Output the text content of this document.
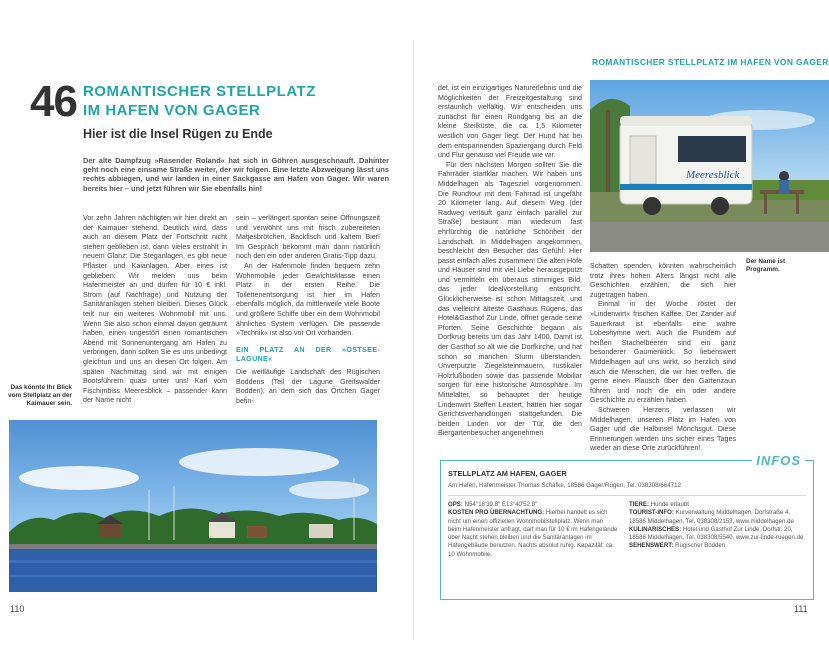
46 ROMANTISCHER STELLPLATZ
IM HAFEN VON GAGER
Hier ist die Insel Rügen zu Ende
Der alte Dampfzug »Rasender Roland« hat sich in Göhren ausgeschnauft. Dahinter geht noch eine einsame Straße weiter, der wir folgen. Eine letzte Abzweigung lässt uns rechts abbiegen, und wir landen in einer Sackgasse am Hafen von Gager. Wir waren bereits hier – und jetzt führen wir Sie ebenfalls hin!

Vor zehn Jahren nächtigten wir hier direkt an der Kaimauer stehend. Deutlich wird, dass auch an diesem Platz der Fortschritt nicht stehen geblieben ist, dann vieles erstrahlt in neuem Glanz: Die Steganlagen, es gibt neue Pflaster und Kaianlagen. Aber eines ist geblieben: Wir melden uns beim Hafenmeister an und dürfen für 10 € inkl. Strom (auf Nachfrage) und Nutzung der Sanitäranlagen stehen bleiben. Dieses Glück teilt nur ein weiteres Wohnmobil mit uns. Wenn Sie also schon einmal davon geträumt haben, einen ungestört einen romantischen Abend mit Sonnenuntergang am Hafen zu verbringen, dann sollten Sie es uns unbedingt gleichtun und uns an diesen Ort folgen. Am späten Nachmittag sind wir mit einigen Bootsführern quasi unter uns! Karl vom Fischimbiss Meeresblick – passender kann der Name nicht

sein – verlängert spontan seine Öffnungszeit und verwöhnt uns mit frisch zubereiteten Matjesbrötchen, Backfisch und kaltem Bier! Im Gespräch bekommt man dann natürlich noch den ein oder anderen Gratis-Tipp dazu.

An der Hafenmole finden bequem zehn Wohnmobile jeder Gewichtsklasse einen Platz in der ersten Reihe. Die Toilettenentsorgung ist hier im Hafen ebenfalls möglich, da mittlerweile viele Boote und größere Schiffe über ein dem Wohnmobil ähnliches System verfügen. Die passende »Technik« ist also vor Ort vorhanden.

EIN PLATZ AN DER »OSTSEE-LAGUNE«

Die weitläufige Landschaft des Rügischen Boddens (Teil der Lagune Greifswalder Bodden), an dem sich das Örtchen Gager befin-

Das könnte Ihr Blick vom Stellplatz an der Kaimauer sein.
110
ROMANTISCHER STELLPLATZ IM HAFEN VON GAGER

det, ist ein einzigartiges Naturerlebnis und die Möglichkeiten der Freizeitgestaltung sind erstaunlich vielfältig. Wir entscheiden uns zunächst für einen Rundgang bis an die kleine Steilküste, die ca. 1,5 Kilometer westlich von Gager liegt. Der Hund hat bei dem entspannenden Spaziergang durch Feld und Flur genauso viel Freude wie wir.

Für den nächsten Morgen sollten Sie die Fahrräder startklar machen. Wir haben uns Middelhagen als Tagesziel vorgenommen. Die Rundtour mit dem Fahrrad ist ungefähr 20 Kilometer lang. Auf diesem Weg (der Radweg verläuft ganz einfach parallel zur Straße) bestaunt man wiederum fast ehrfürchtig die natürliche Schönheit der Landschaft. In Middelhagen angekommen, beschleicht den Besucher das Gefühl: Hier passt einfach alles zusammen! Die alten Höfe und Häuser sind mit viel Liebe herausgeputzt und vermitteln ein überaus stimmiges Bild, das jeder Idealvorstellung entspricht. Glücklicherweise ist schon Mittagszeit, und das vielleicht älteste Gasthaus Rügens, das Hotel&Gasthof Zur Linde, öffnet gerade seine Pforten. Seine Geschichte begann als Dorfkrug bereits um das Jahr 1400. Damit ist der Gasthof so alt wie die Dorfkirche, und hat schon so manchen Sturm überstanden. Unverputzte Ziegelsteinmauern, rustikaler Holzfußboden sowie das passende Mobiliar sorgen für eine historische Atmosphäre. Im Mittelalter, so behauptet der heutige Lindenwirt Steffen Leistert, hätten hier sogar Gerichtsverhandlungen stattgefunden. Die beiden Linden vor der Tür, die den Biergartenbesucher angenehmen

Meeresblick
Der Name ist Programm.

Schatten spenden, könnten wahrscheinlich trotz ihres hohen Alters längst nicht alle Geschichten erzählen, die sich hier zugetragen haben.

Einmal in der Woche röstet der »Lindenwirt« frischen Kaffee. Der Zander auf Sauerkraut ist ebenfalls eine wahre Lobeshymne wert. Auch die Flundern auf heißen Stachelbeeren sind ein ganz besonderer Gaumenkick. So liebenswert Middelhagen auf uns wirkt, so herzlich sind auch die Menschen, die wir hier treffen, die gerne einen Plausch über den Gartenzaun führen und noch die ein oder andere Geschichte zu erzählen haben.

Schweren Herzens verlassen wir Middelhagen, unseren Platz im Hafen von Gager und die Halbinsel Mönchsgut. Diese Erinnerungen werden uns sicher eines Tages wieder an diese Orte zurückführen!

INFOS
STELLPLATZ AM HAFEN, GAGER
Am Hafen, Hafenmeister Thomas Schäfke, 18586 Gager/Rügen, Tel. 038308/664712
GPS: N54°18'39.8" E13°40'52.8"
KOSTEN PRO ÜBERNACHTUNG: Hierbei handelt es sich nicht um einen offiziellen Wohnmobilstellplatz. Wenn man beim Hafenmeister anfragt, darf man für 10 € im Hafengelände über Nacht stehen bleiben und die Sanitäranlagen im Hafengebäude benutzen. Nachts absolut ruhig. Kapazität: ca. 10 Wohnmobile.
TIERE: Hunde erlaubt
TOURIST-INFO: Kurverwaltung Middelhagen, Dorfstraße 4, 18586 Middelhagen, Tel. 038308/2153, www.middelhagen.de
KULINARISCHES: Hotel und Gasthof Zur Linde, Dorfstr. 20, 18586 Middelhagen, Tel. 038308/5540, www.zur-linde-ruegen.de
SEHENSWERT: Rügischer Bodden
111
